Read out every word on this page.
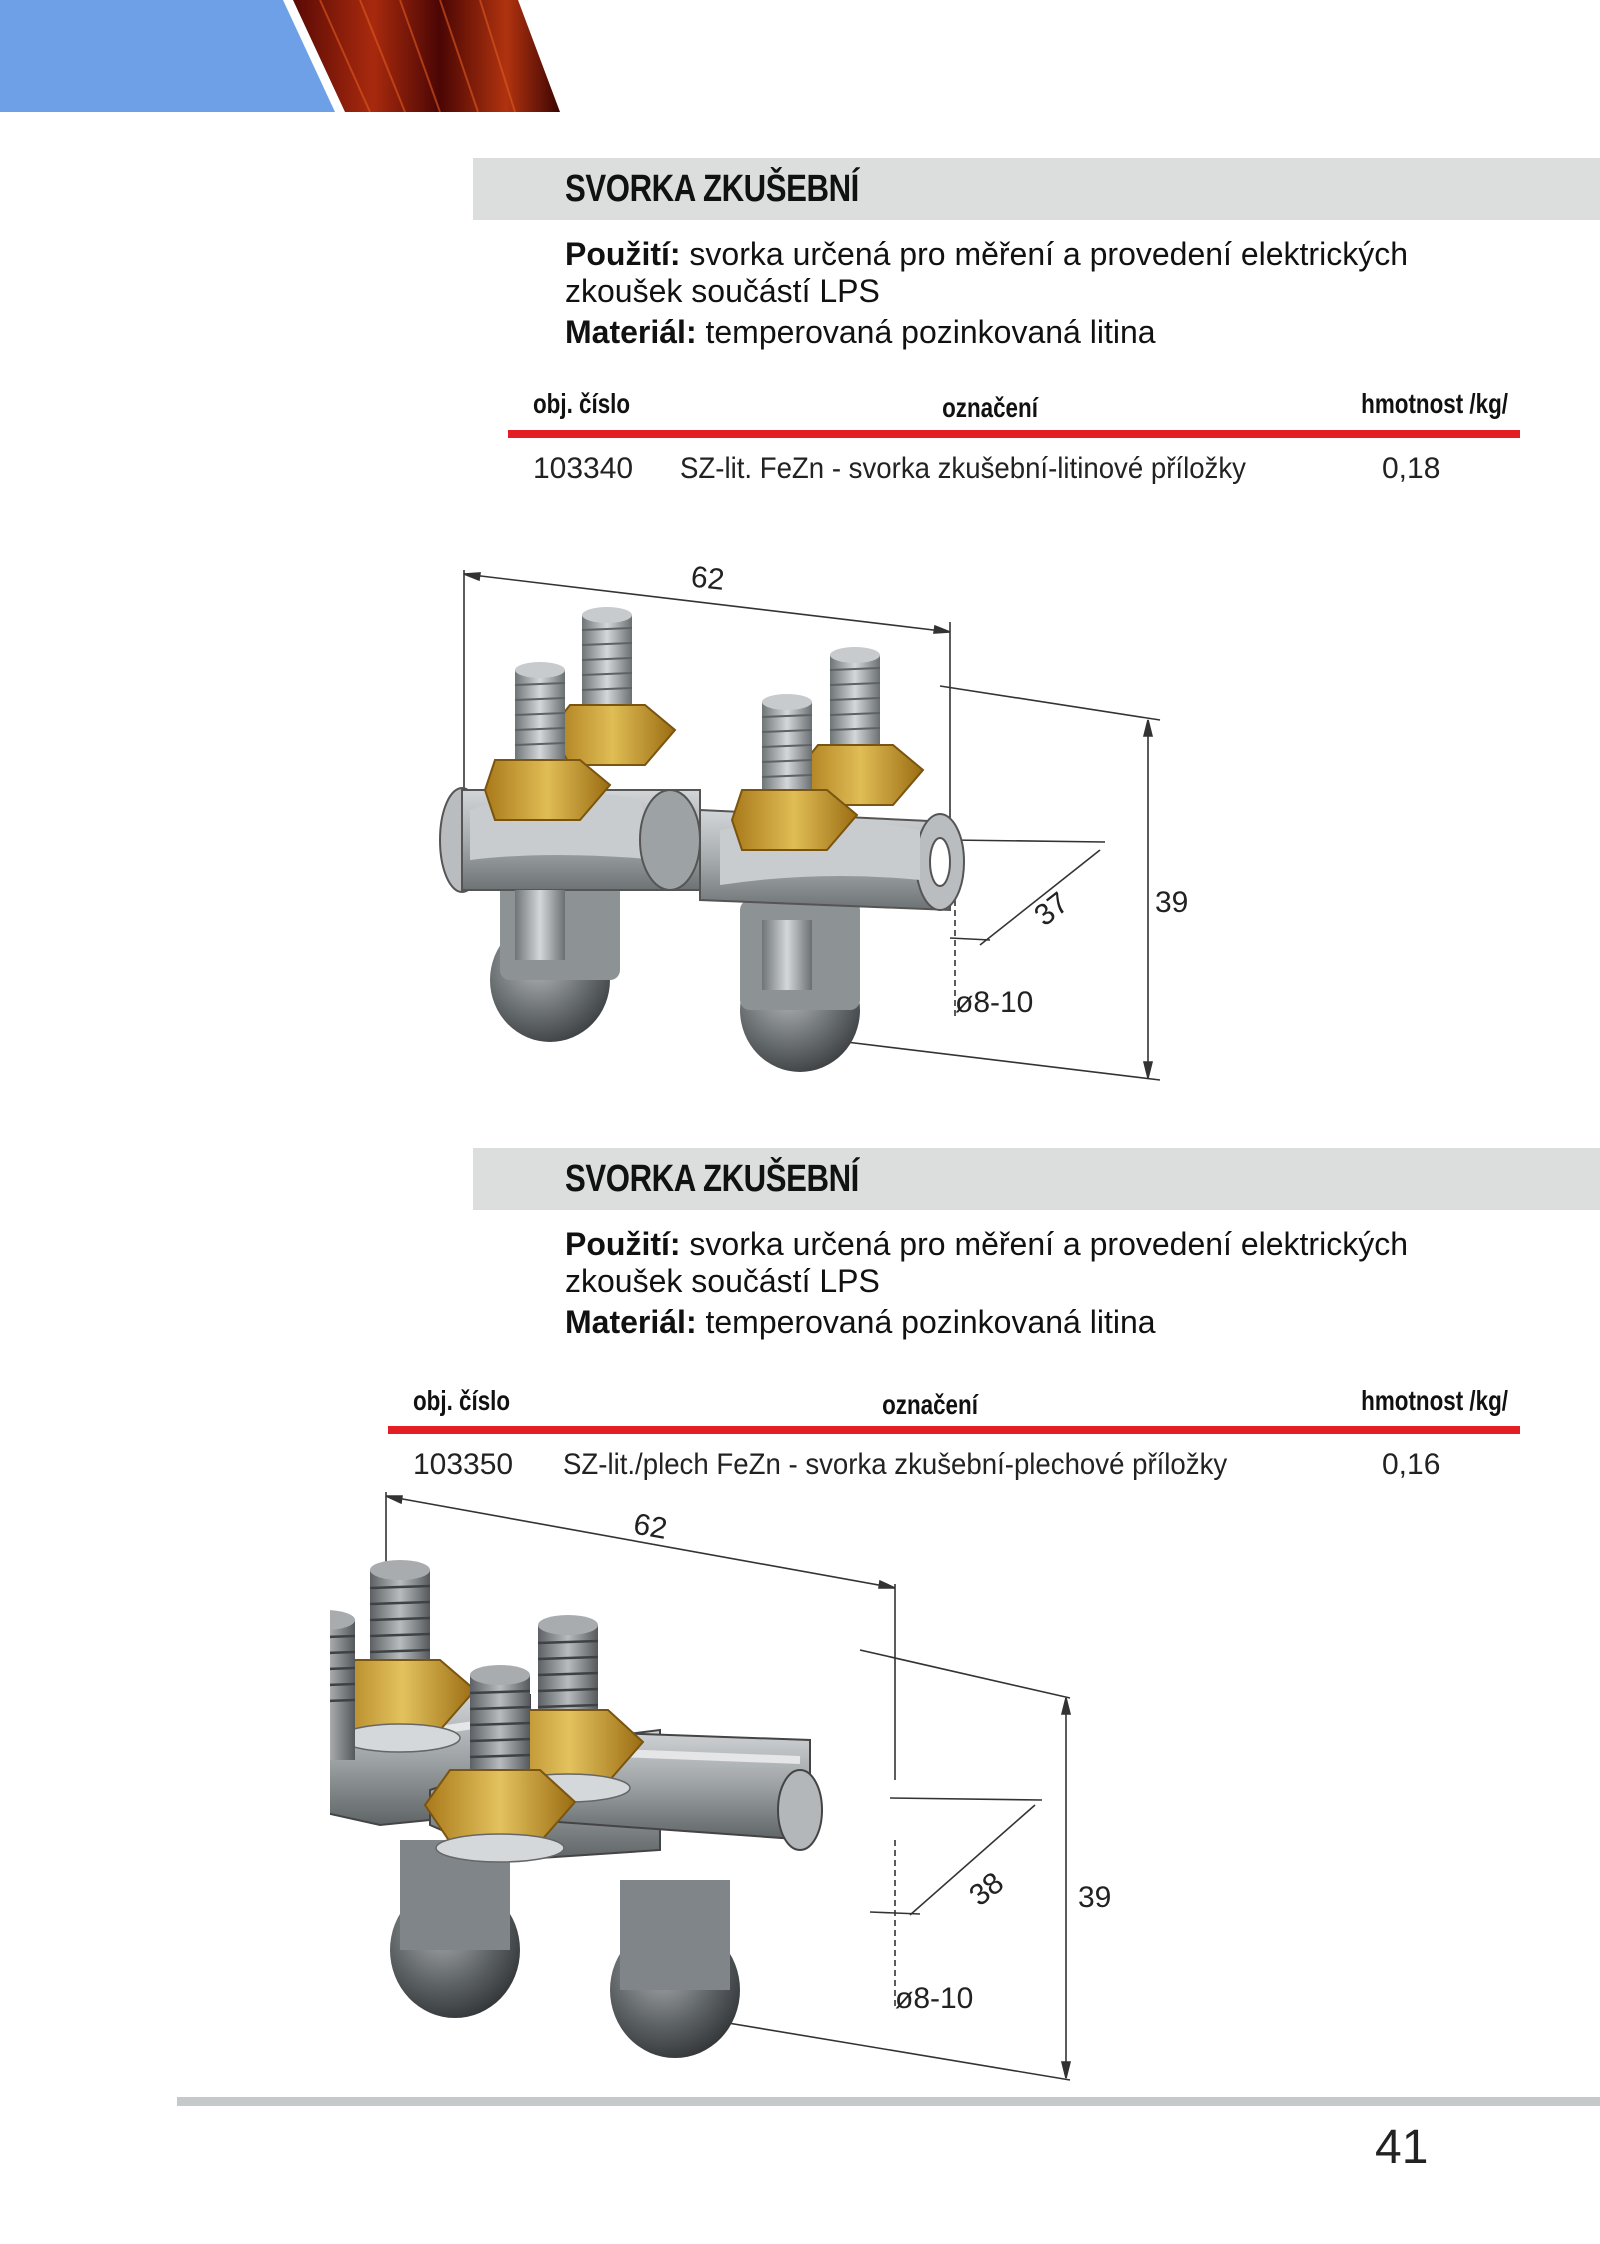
SVORKA ZKUŠEBNÍ
Použití: svorka určená pro měření a provedení elektrických
zkoušek součástí LPS
Materiál: temperovaná pozinkovaná litina
obj. číslo	označení	hmotnost /kg/
103340 SZ-lit. FeZn - svorka zkušební-litinové příložky	0,18
62
37	39
ø8-10
SVORKA ZKUŠEBNÍ
Použití: svorka určená pro měření a provedení elektrických
zkoušek součástí LPS
Materiál: temperovaná pozinkovaná litina
obj. číslo	označení	hmotnost /kg/
103350 SZ-lit./plech FeZn - svorka zkušební-plechové příložky	0,16
62
38 39
ø8-10
41
